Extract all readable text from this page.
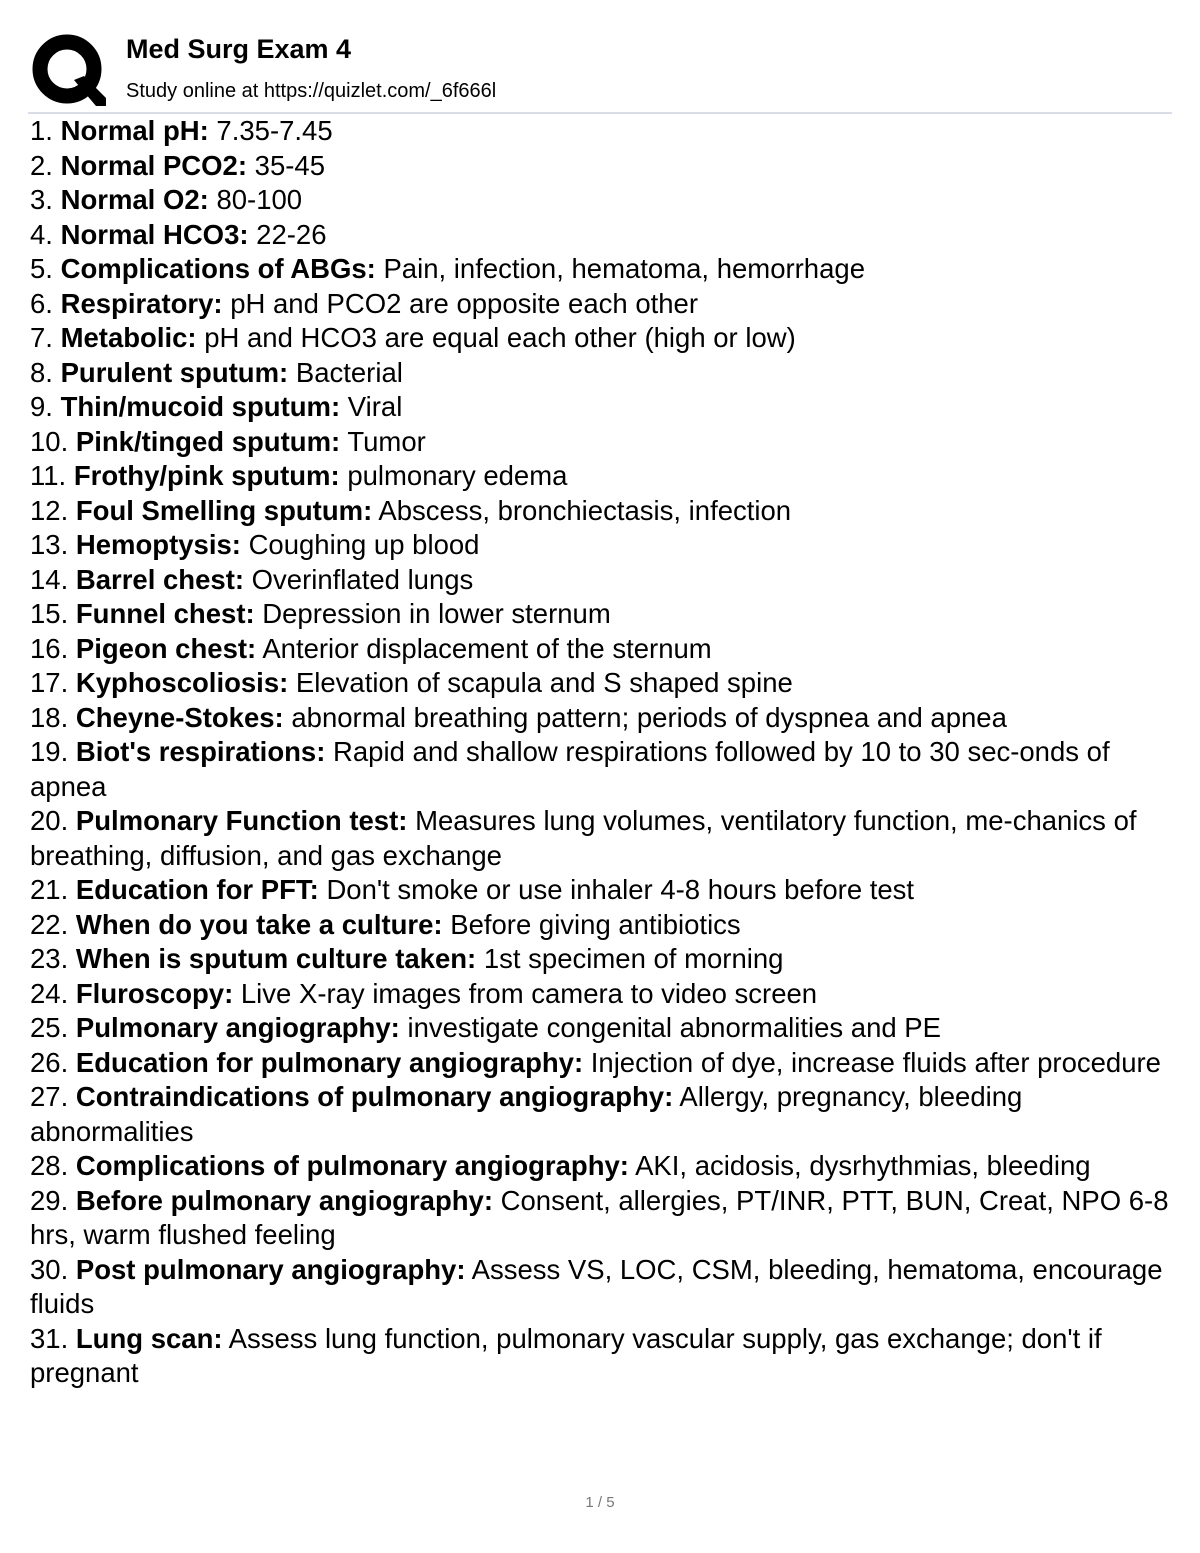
Med Surg Exam 4
Study online at https://quizlet.com/_6f666l
1. Normal pH: 7.35-7.45
2. Normal PCO2: 35-45
3. Normal O2: 80-100
4. Normal HCO3: 22-26
5. Complications of ABGs: Pain, infection, hematoma, hemorrhage
6. Respiratory: pH and PCO2 are opposite each other
7. Metabolic: pH and HCO3 are equal each other (high or low)
8. Purulent sputum: Bacterial
9. Thin/mucoid sputum: Viral
10. Pink/tinged sputum: Tumor
11. Frothy/pink sputum: pulmonary edema
12. Foul Smelling sputum: Abscess, bronchiectasis, infection
13. Hemoptysis: Coughing up blood
14. Barrel chest: Overinflated lungs
15. Funnel chest: Depression in lower sternum
16. Pigeon chest: Anterior displacement of the sternum
17. Kyphoscoliosis: Elevation of scapula and S shaped spine
18. Cheyne-Stokes: abnormal breathing pattern; periods of dyspnea and apnea
19. Biot's respirations: Rapid and shallow respirations followed by 10 to 30 sec-onds of apnea
20. Pulmonary Function test: Measures lung volumes, ventilatory function, me-chanics of breathing, diffusion, and gas exchange
21. Education for PFT: Don't smoke or use inhaler 4-8 hours before test
22. When do you take a culture: Before giving antibiotics
23. When is sputum culture taken: 1st specimen of morning
24. Fluroscopy: Live X-ray images from camera to video screen
25. Pulmonary angiography: investigate congenital abnormalities and PE
26. Education for pulmonary angiography: Injection of dye, increase fluids after procedure
27. Contraindications of pulmonary angiography: Allergy, pregnancy, bleeding abnormalities
28. Complications of pulmonary angiography: AKI, acidosis, dysrhythmias, bleeding
29. Before pulmonary angiography: Consent, allergies, PT/INR, PTT, BUN, Creat, NPO 6-8 hrs, warm flushed feeling
30. Post pulmonary angiography: Assess VS, LOC, CSM, bleeding, hematoma, encourage fluids
31. Lung scan: Assess lung function, pulmonary vascular supply, gas exchange; don't if pregnant
1 / 5
